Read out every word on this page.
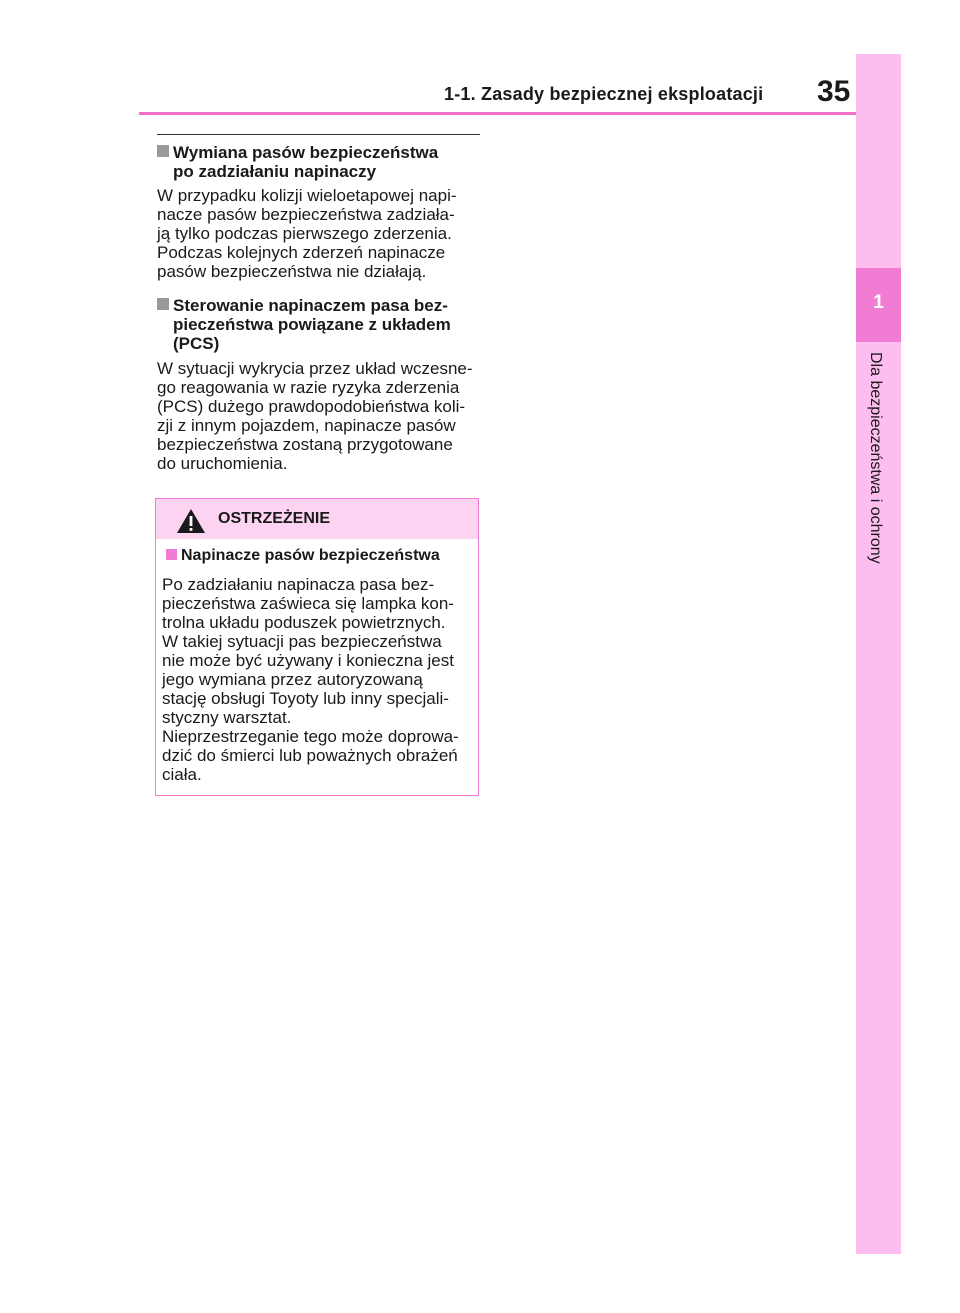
1-1. Zasady bezpiecznej eksploatacji 35
1
Dla bezpieczeństwa i ochrony
Wymiana pasów bezpieczeństwa
po zadziałaniu napinaczy
W przypadku kolizji wieloetapowej napi-
nacze pasów bezpieczeństwa zadziała-
ją tylko podczas pierwszego zderzenia.
Podczas kolejnych zderzeń napinacze
pasów bezpieczeństwa nie działają.
Sterowanie napinaczem pasa bez-
pieczeństwa powiązane z układem
(PCS)
W sytuacji wykrycia przez układ wczesne-
go reagowania w razie ryzyka zderzenia
(PCS) dużego prawdopodobieństwa koli-
zji z innym pojazdem, napinacze pasów
bezpieczeństwa zostaną przygotowane
do uruchomienia.
OSTRZEŻENIE
Napinacze pasów bezpieczeństwa
Po zadziałaniu napinacza pasa bez-
pieczeństwa zaświeca się lampka kon-
trolna układu poduszek powietrznych.
W takiej sytuacji pas bezpieczeństwa
nie może być używany i konieczna jest
jego wymiana przez autoryzowaną
stację obsługi Toyoty lub inny specjali-
styczny warsztat.
Nieprzestrzeganie tego może doprowa-
dzić do śmierci lub poważnych obrażeń
ciała.
